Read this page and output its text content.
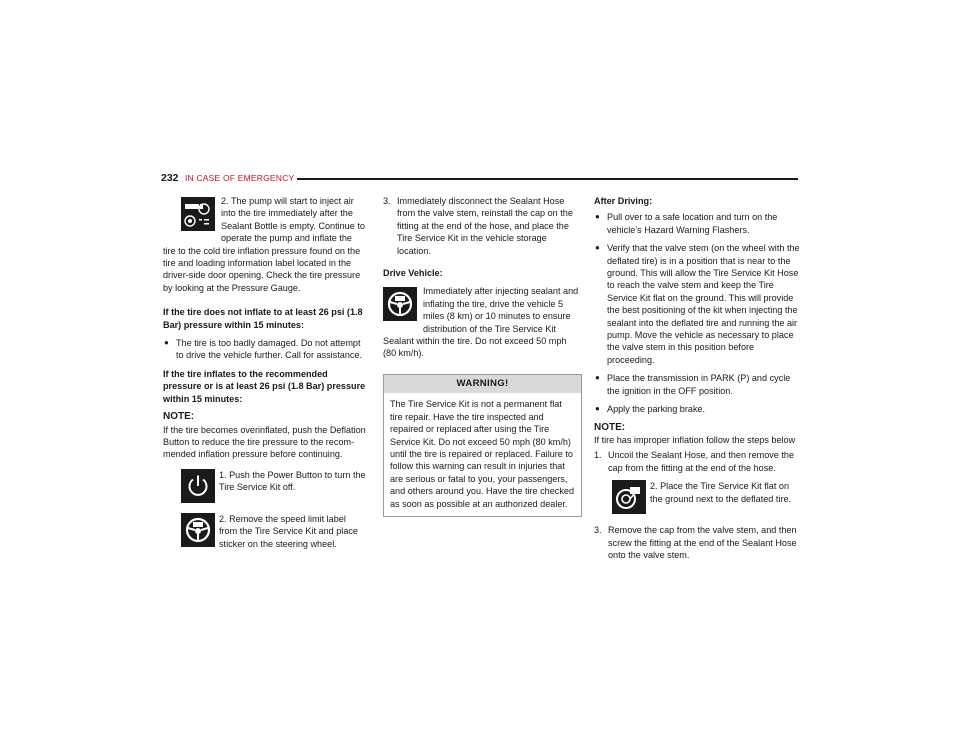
232 IN CASE OF EMERGENCY

2. The pump will start to inject air into the tire immediately after the Sealant Bottle is empty. Continue to operate the pump and inflate the tire to the cold tire inflation pressure found on the tire and loading information label located in the driver-side door opening. Check the tire pressure by looking at the Pressure Gauge.

If the tire does not inflate to at least 26 psi (1.8 Bar) pressure within 15 minutes:

● The tire is too badly damaged. Do not attempt to drive the vehicle further. Call for assistance.

If the tire inflates to the recommended pressure or is at least 26 psi (1.8 Bar) pressure within 15 minutes:

NOTE:

If the tire becomes overinflated, push the Deflation Button to reduce the tire pressure to the recom- mended inflation pressure before continuing.

1. Push the Power Button to turn the Tire Service Kit off.
2. Remove the speed limit label from the Tire Service Kit and place sticker on the steering wheel.
3. Immediately disconnect the Sealant Hose from the valve stem, reinstall the cap on the fitting at the end of the hose, and place the Tire Service Kit in the vehicle storage location.

Drive Vehicle:

Immediately after injecting sealant and inflating the tire, drive the vehicle 5 miles (8 km) or 10 minutes to ensure distribution of the Tire Service Kit Sealant within the tire. Do not exceed 50 mph (80 km/h).

WARNING!
The Tire Service Kit is not a permanent flat tire repair. Have the tire inspected and repaired or replaced after using the Tire Service Kit. Do not exceed 50 mph (80 km/h) until the tire is repaired or replaced. Failure to follow this warning can result in injuries that are serious or fatal to you, your passengers, and others around you. Have the tire checked as soon as possible at an authorized dealer.

After Driving:

● Pull over to a safe location and turn on the vehicle’s Hazard Warning Flashers.
● Verify that the valve stem (on the wheel with the deflated tire) is in a position that is near to the ground. This will allow the Tire Service Kit Hose to reach the valve stem and keep the Tire Service Kit flat on the ground. This will provide the best positioning of the kit when injecting the sealant into the deflated tire and running the air pump. Move the vehicle as necessary to place the valve stem in this position before proceeding.
● Place the transmission in PARK (P) and cycle the ignition in the OFF position.
● Apply the parking brake.

NOTE:

If tire has improper inflation follow the steps below

1. Uncoil the Sealant Hose, and then remove the cap from the fitting at the end of the hose.
2. Place the Tire Service Kit flat on the ground next to the deflated tire.
3. Remove the cap from the valve stem, and then screw the fitting at the end of the Sealant Hose onto the valve stem.
